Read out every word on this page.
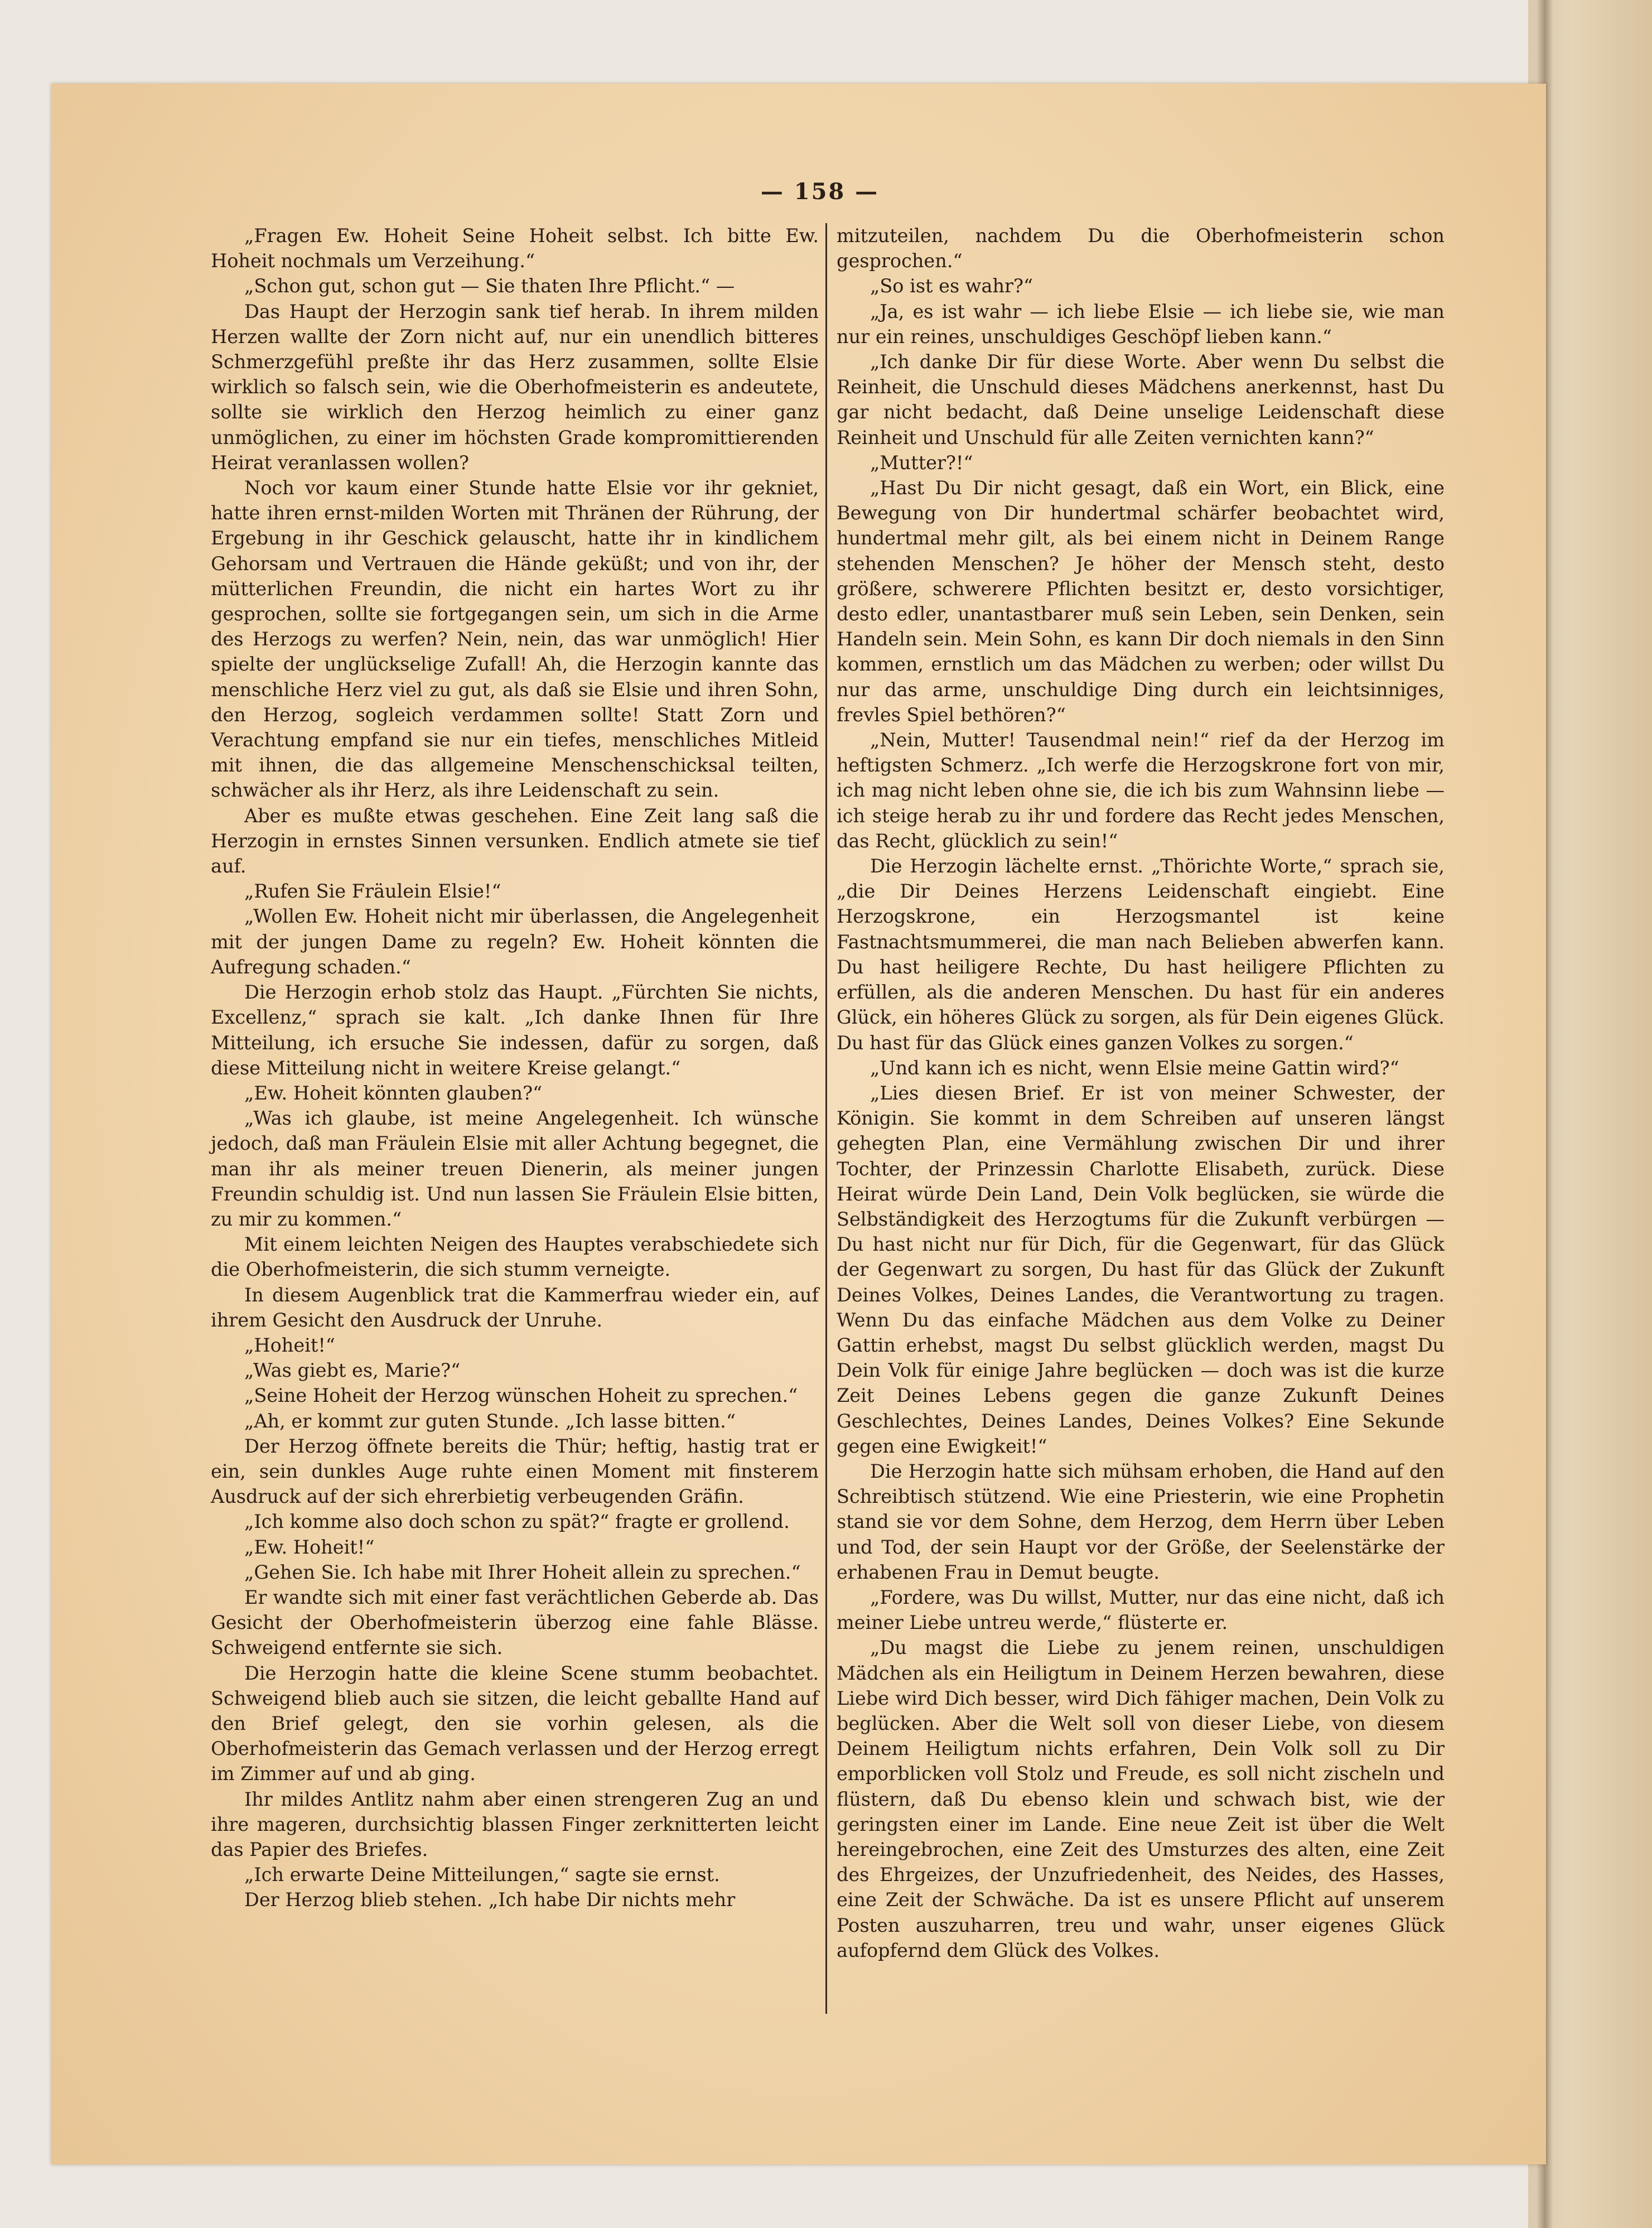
— 158 —

„Fragen Ew. Hoheit Seine Hoheit selbst. Ich bitte Ew. Hoheit nochmals um Verzeihung.“

„Schon gut, schon gut — Sie thaten Ihre Pflicht.“ —

Das Haupt der Herzogin sank tief herab. In ihrem milden Herzen wallte der Zorn nicht auf, nur ein unendlich bitteres Schmerzgefühl preßte ihr das Herz zusammen, sollte Elsie wirklich so falsch sein, wie die Oberhofmeisterin es andeutete, sollte sie wirklich den Herzog heimlich zu einer ganz unmöglichen, zu einer im höchsten Grade kompromittierenden Heirat veranlassen wollen?

Noch vor kaum einer Stunde hatte Elsie vor ihr gekniet, hatte ihren ernst-milden Worten mit Thränen der Rührung, der Ergebung in ihr Geschick gelauscht, hatte ihr in kindlichem Gehorsam und Vertrauen die Hände geküßt; und von ihr, der mütterlichen Freundin, die nicht ein hartes Wort zu ihr gesprochen, sollte sie fortgegangen sein, um sich in die Arme des Herzogs zu werfen? Nein, nein, das war unmöglich! Hier spielte der unglückselige Zufall! Ah, die Herzogin kannte das menschliche Herz viel zu gut, als daß sie Elsie und ihren Sohn, den Herzog, sogleich verdammen sollte! Statt Zorn und Verachtung empfand sie nur ein tiefes, menschliches Mitleid mit ihnen, die das allgemeine Menschenschicksal teilten, schwächer als ihr Herz, als ihre Leidenschaft zu sein.

Aber es mußte etwas geschehen. Eine Zeit lang saß die Herzogin in ernstes Sinnen versunken. Endlich atmete sie tief auf.

„Rufen Sie Fräulein Elsie!“

„Wollen Ew. Hoheit nicht mir überlassen, die Angelegenheit mit der jungen Dame zu regeln? Ew. Hoheit könnten die Aufregung schaden.“

Die Herzogin erhob stolz das Haupt. „Fürchten Sie nichts, Excellenz,“ sprach sie kalt. „Ich danke Ihnen für Ihre Mitteilung, ich ersuche Sie indessen, dafür zu sorgen, daß diese Mitteilung nicht in weitere Kreise gelangt.“

„Ew. Hoheit könnten glauben?“

„Was ich glaube, ist meine Angelegenheit. Ich wünsche jedoch, daß man Fräulein Elsie mit aller Achtung begegnet, die man ihr als meiner treuen Dienerin, als meiner jungen Freundin schuldig ist. Und nun lassen Sie Fräulein Elsie bitten, zu mir zu kommen.“

Mit einem leichten Neigen des Hauptes verabschiedete sich die Oberhofmeisterin, die sich stumm verneigte.

In diesem Augenblick trat die Kammerfrau wieder ein, auf ihrem Gesicht den Ausdruck der Unruhe.

„Hoheit!“

„Was giebt es, Marie?“

„Seine Hoheit der Herzog wünschen Hoheit zu sprechen.“

„Ah, er kommt zur guten Stunde. „Ich lasse bitten.“

Der Herzog öffnete bereits die Thür; heftig, hastig trat er ein, sein dunkles Auge ruhte einen Moment mit finsterem Ausdruck auf der sich ehrerbietig verbeugenden Gräfin.

„Ich komme also doch schon zu spät?“ fragte er grollend.

„Ew. Hoheit!“

„Gehen Sie. Ich habe mit Ihrer Hoheit allein zu sprechen.“

Er wandte sich mit einer fast verächtlichen Geberde ab. Das Gesicht der Oberhofmeisterin überzog eine fahle Blässe. Schweigend entfernte sie sich.

Die Herzogin hatte die kleine Scene stumm beobachtet. Schweigend blieb auch sie sitzen, die leicht geballte Hand auf den Brief gelegt, den sie vorhin gelesen, als die Oberhofmeisterin das Gemach verlassen und der Herzog erregt im Zimmer auf und ab ging.

Ihr mildes Antlitz nahm aber einen strengeren Zug an und ihre mageren, durchsichtig blassen Finger zerknitterten leicht das Papier des Briefes.

„Ich erwarte Deine Mitteilungen,“ sagte sie ernst.

Der Herzog blieb stehen. „Ich habe Dir nichts mehr

mitzuteilen, nachdem Du die Oberhofmeisterin schon gesprochen.“

„So ist es wahr?“

„Ja, es ist wahr — ich liebe Elsie — ich liebe sie, wie man nur ein reines, unschuldiges Geschöpf lieben kann.“

„Ich danke Dir für diese Worte. Aber wenn Du selbst die Reinheit, die Unschuld dieses Mädchens anerkennst, hast Du gar nicht bedacht, daß Deine unselige Leidenschaft diese Reinheit und Unschuld für alle Zeiten vernichten kann?“

„Mutter?!“

„Hast Du Dir nicht gesagt, daß ein Wort, ein Blick, eine Bewegung von Dir hundertmal schärfer beobachtet wird, hundertmal mehr gilt, als bei einem nicht in Deinem Range stehenden Menschen? Je höher der Mensch steht, desto größere, schwerere Pflichten besitzt er, desto vorsichtiger, desto edler, unantastbarer muß sein Leben, sein Denken, sein Handeln sein. Mein Sohn, es kann Dir doch niemals in den Sinn kommen, ernstlich um das Mädchen zu werben; oder willst Du nur das arme, unschuldige Ding durch ein leichtsinniges, frevles Spiel bethören?“

„Nein, Mutter! Tausendmal nein!“ rief da der Herzog im heftigsten Schmerz. „Ich werfe die Herzogskrone fort von mir, ich mag nicht leben ohne sie, die ich bis zum Wahnsinn liebe — ich steige herab zu ihr und fordere das Recht jedes Menschen, das Recht, glücklich zu sein!“

Die Herzogin lächelte ernst. „Thörichte Worte,“ sprach sie, „die Dir Deines Herzens Leidenschaft eingiebt. Eine Herzogskrone, ein Herzogsmantel ist keine Fastnachtsmummerei, die man nach Belieben abwerfen kann. Du hast heiligere Rechte, Du hast heiligere Pflichten zu erfüllen, als die anderen Menschen. Du hast für ein anderes Glück, ein höheres Glück zu sorgen, als für Dein eigenes Glück. Du hast für das Glück eines ganzen Volkes zu sorgen.“

„Und kann ich es nicht, wenn Elsie meine Gattin wird?“

„Lies diesen Brief. Er ist von meiner Schwester, der Königin. Sie kommt in dem Schreiben auf unseren längst gehegten Plan, eine Vermählung zwischen Dir und ihrer Tochter, der Prinzessin Charlotte Elisabeth, zurück. Diese Heirat würde Dein Land, Dein Volk beglücken, sie würde die Selbständigkeit des Herzogtums für die Zukunft verbürgen — Du hast nicht nur für Dich, für die Gegenwart, für das Glück der Gegenwart zu sorgen, Du hast für das Glück der Zukunft Deines Volkes, Deines Landes, die Verantwortung zu tragen. Wenn Du das einfache Mädchen aus dem Volke zu Deiner Gattin erhebst, magst Du selbst glücklich werden, magst Du Dein Volk für einige Jahre beglücken — doch was ist die kurze Zeit Deines Lebens gegen die ganze Zukunft Deines Geschlechtes, Deines Landes, Deines Volkes? Eine Sekunde gegen eine Ewigkeit!“

Die Herzogin hatte sich mühsam erhoben, die Hand auf den Schreibtisch stützend. Wie eine Priesterin, wie eine Prophetin stand sie vor dem Sohne, dem Herzog, dem Herrn über Leben und Tod, der sein Haupt vor der Größe, der Seelenstärke der erhabenen Frau in Demut beugte.

„Fordere, was Du willst, Mutter, nur das eine nicht, daß ich meiner Liebe untreu werde,“ flüsterte er.

„Du magst die Liebe zu jenem reinen, unschuldigen Mädchen als ein Heiligtum in Deinem Herzen bewahren, diese Liebe wird Dich besser, wird Dich fähiger machen, Dein Volk zu beglücken. Aber die Welt soll von dieser Liebe, von diesem Deinem Heiligtum nichts erfahren, Dein Volk soll zu Dir emporblicken voll Stolz und Freude, es soll nicht zischeln und flüstern, daß Du ebenso klein und schwach bist, wie der geringsten einer im Lande. Eine neue Zeit ist über die Welt hereingebrochen, eine Zeit des Umsturzes des alten, eine Zeit des Ehrgeizes, der Unzufriedenheit, des Neides, des Hasses, eine Zeit der Schwäche. Da ist es unsere Pflicht auf unserem Posten auszuharren, treu und wahr, unser eigenes Glück aufopfernd dem Glück des Volkes.
